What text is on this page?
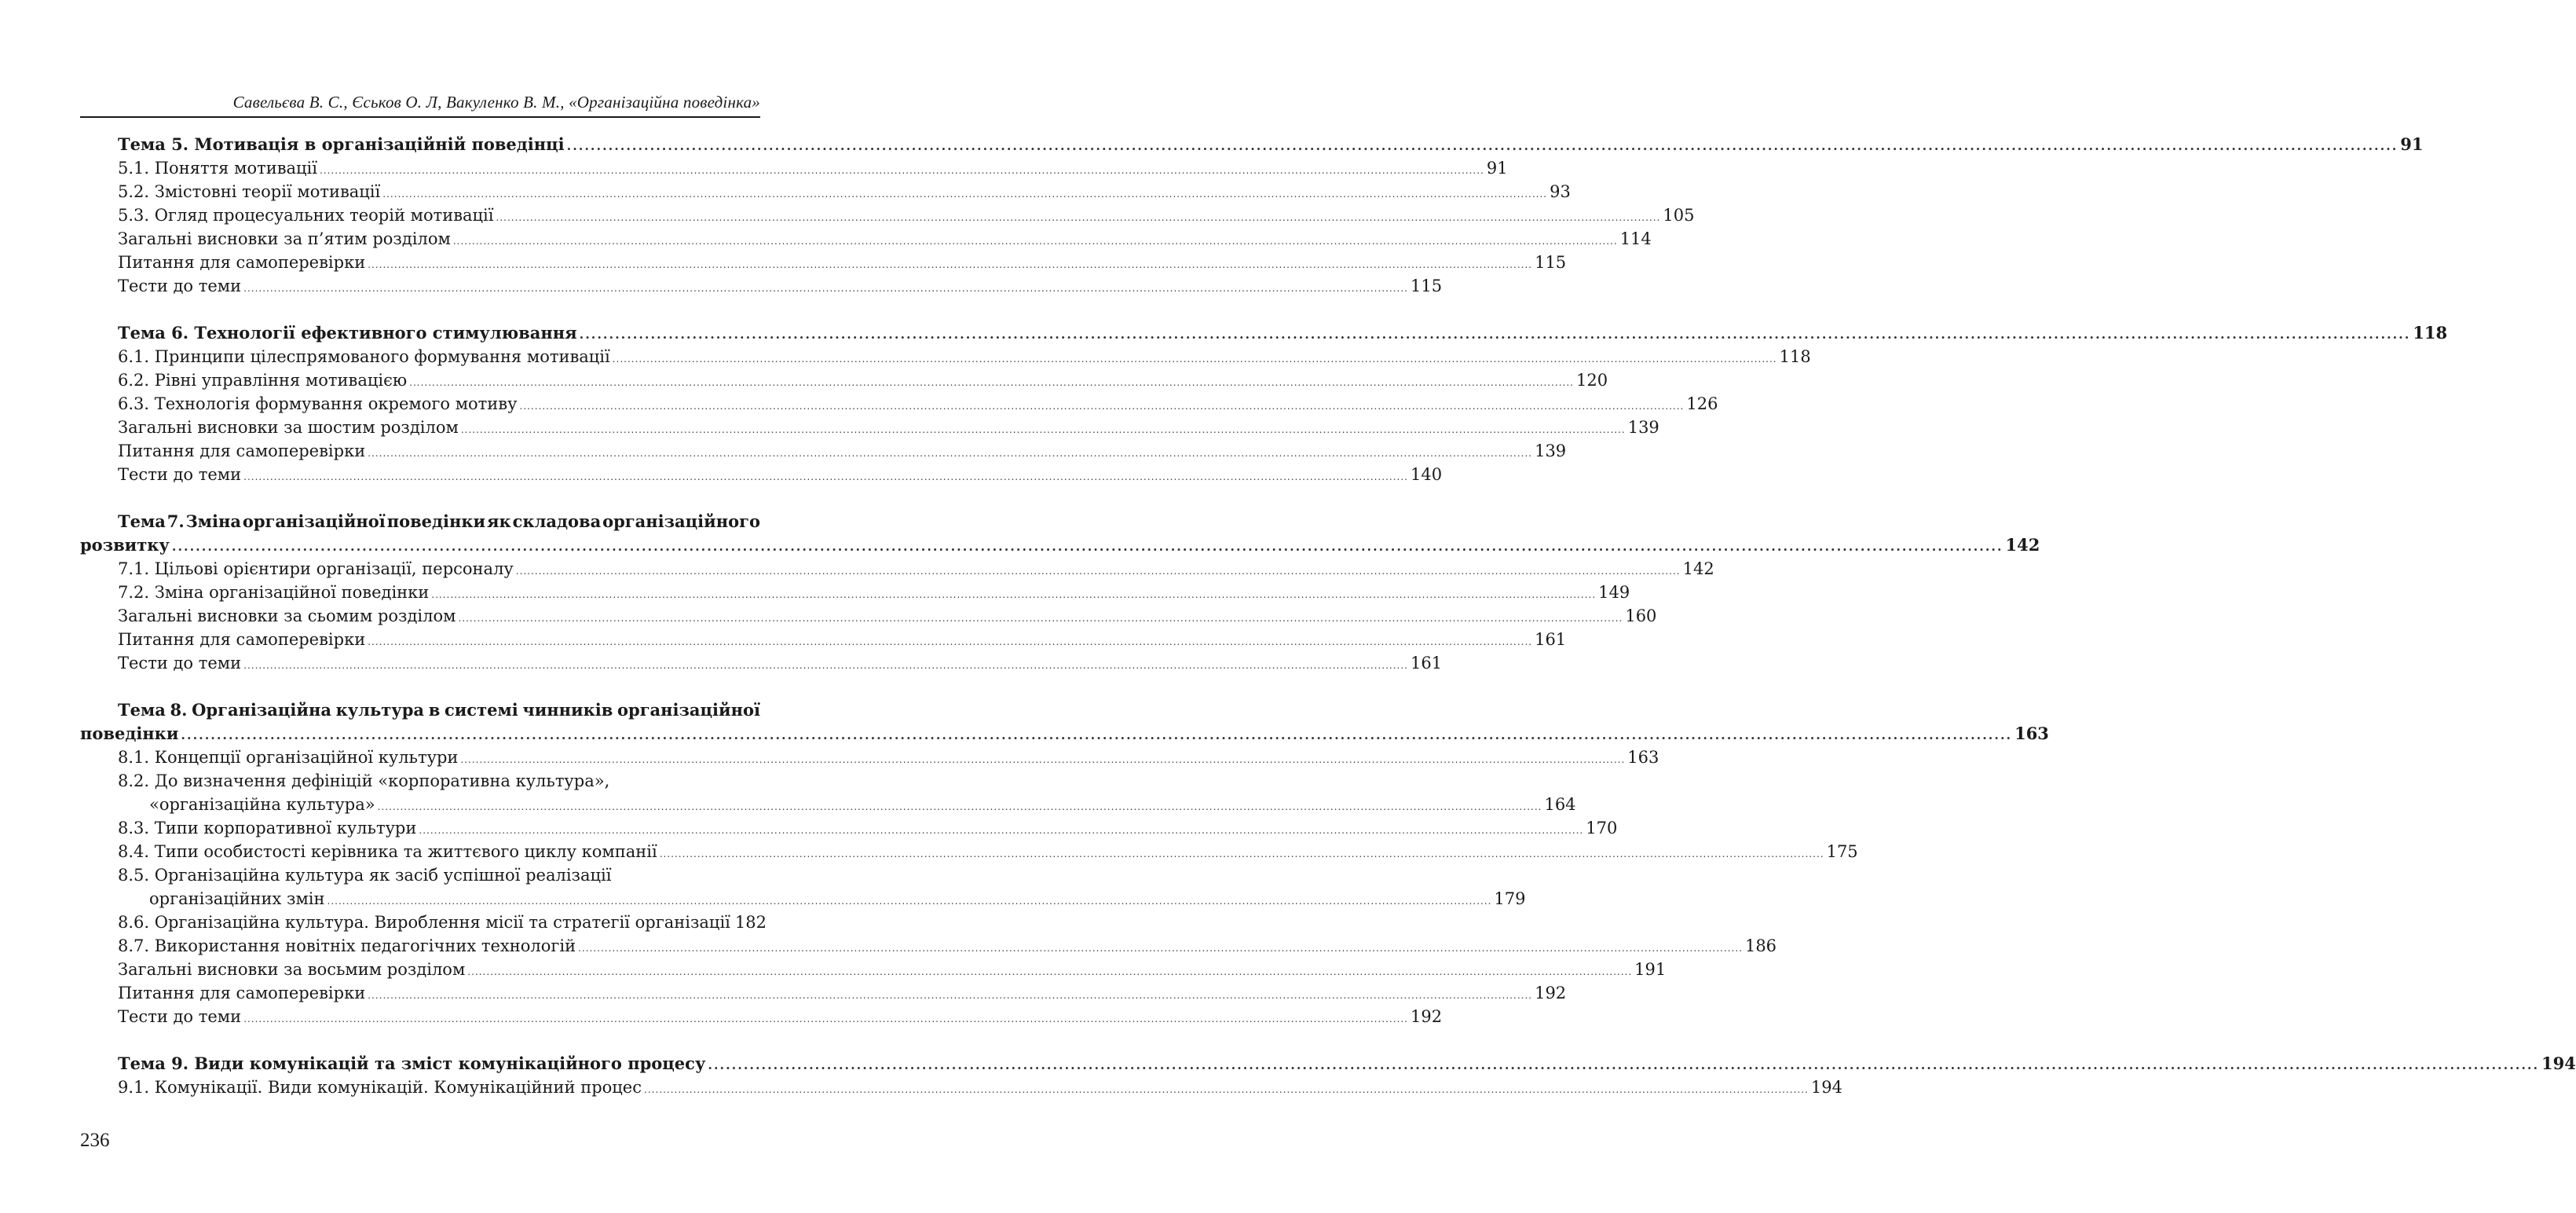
Савельєва В. С., Єськов О. Л, Вакуленко В. М., «Організаційна поведінка»
Тема 5. Мотивація в організаційній поведінці .....	91
5.1. Поняття мотивації .....	91
5.2. Змістовні теорії мотивації .....	93
5.3. Огляд процесуальних теорій мотивації .....	105
Загальні висновки за п’ятим розділом .....	114
Питання для самоперевірки .....	115
Тести до теми .....	115
Тема 6. Технології ефективного стимулювання .....	118
6.1. Принципи цілеспрямованого формування мотивації .....	118
6.2. Рівні управління мотивацією .....	120
6.3. Технологія формування окремого мотиву .....	126
Загальні висновки за шостим розділом .....	139
Питання для самоперевірки .....	139
Тести до теми .....	140
Тема 7. Зміна організаційної поведінки як складова організаційного
розвитку .....	142
7.1. Цільові орієнтири організації, персоналу .....	142
7.2. Зміна організаційної поведінки .....	149
Загальні висновки за сьомим розділом .....	160
Питання для самоперевірки .....	161
Тести до теми .....	161
Тема 8. Організаційна культура в системі чинників організаційної
поведінки .....	163
8.1. Концепції організаційної культури .....	163
8.2. До визначення дефініцій «корпоративна культура»,
«організаційна культура» .....	164
8.3. Типи корпоративної культури .....	170
8.4. Типи особистості керівника та життєвого циклу компанії .....	175
8.5. Організаційна культура як засіб успішної реалізації
організаційних змін .....	179
8.6. Організаційна культура. Вироблення місії та стратегії організації 182
8.7. Використання новітніх педагогічних технологій .....	186
Загальні висновки за восьмим розділом .....	191
Питання для самоперевірки .....	192
Тести до теми .....	192
Тема 9. Види комунікацій та зміст комунікаційного процесу .....	194
9.1. Комунікації. Види комунікацій. Комунікаційний процес .....	194
236
